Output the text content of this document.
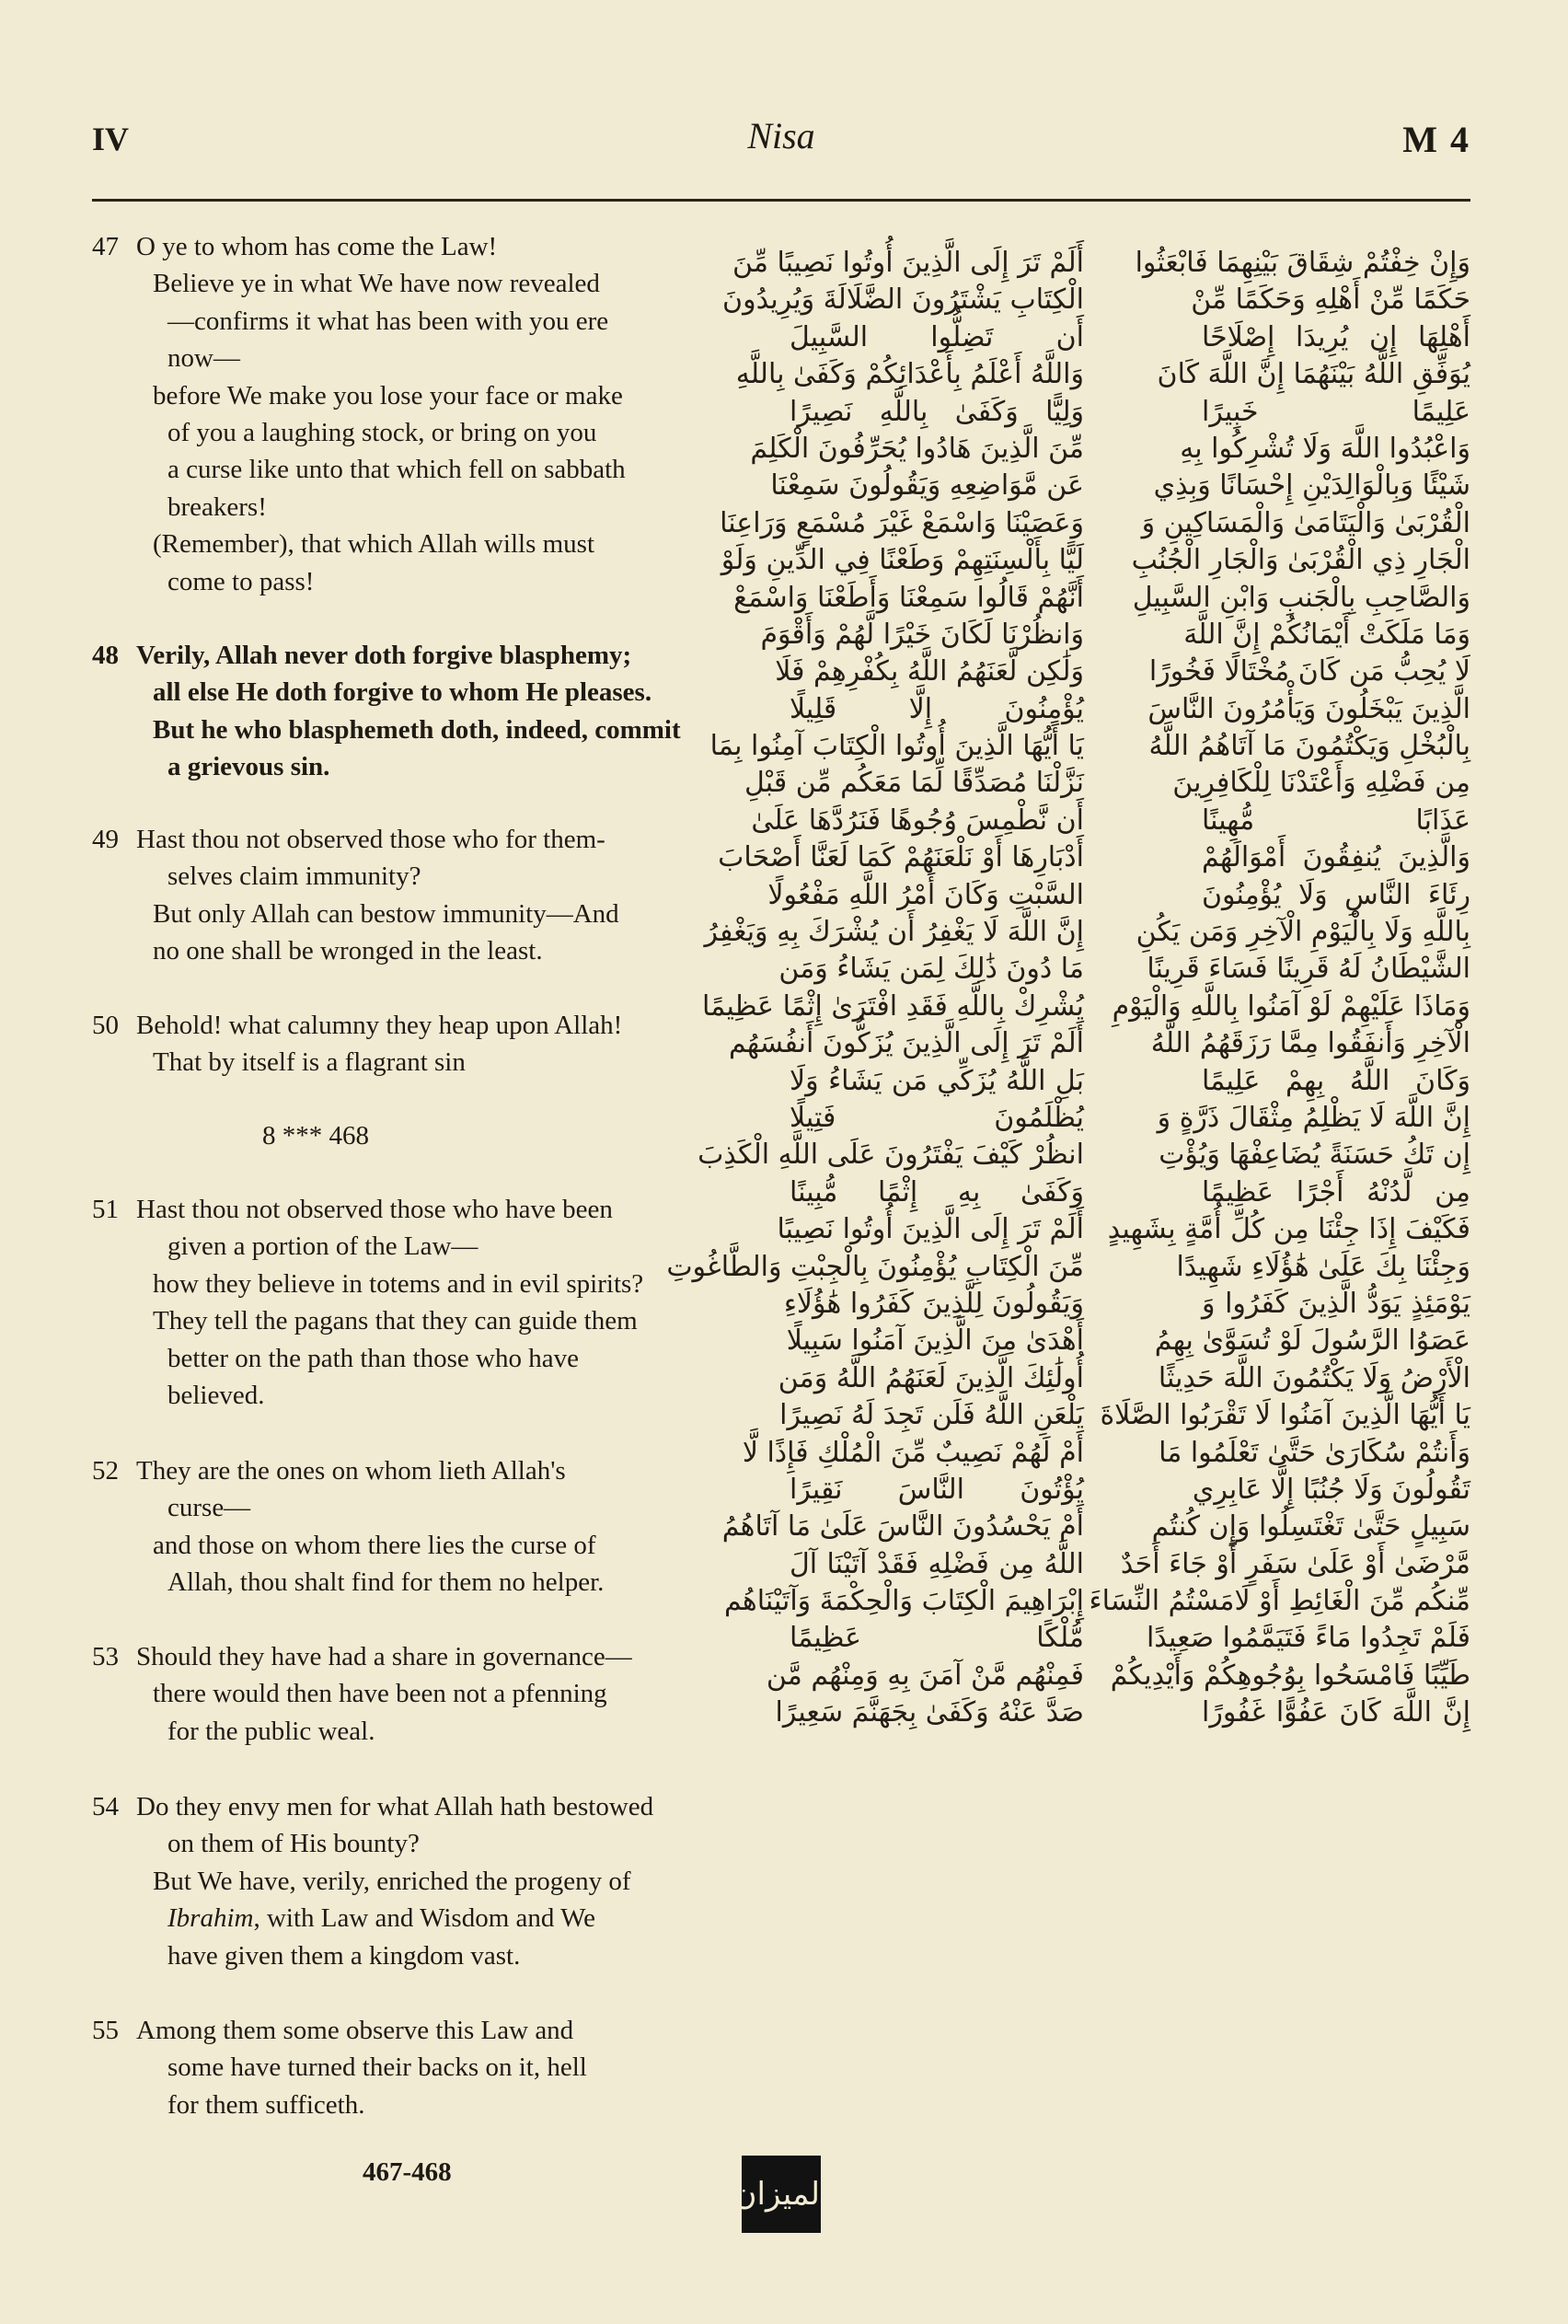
IV	Nisa	M 4
47 O ye to whom has come the Law!
Believe ye in what We have now revealed
—confirms it what has been with you ere
now—
before We make you lose your face or make
of you a laughing stock, or bring on you
a curse like unto that which fell on sabbath
breakers!
(Remember), that which Allah wills must
come to pass!
48 Verily, Allah never doth forgive blasphemy;
all else He doth forgive to whom He pleases.
But he who blasphemeth doth, indeed, commit
a grievous sin.
49 Hast thou not observed those who for them-
selves claim immunity?
But only Allah can bestow immunity—And
no one shall be wronged in the least.
50 Behold! what calumny they heap upon Allah!
That by itself is a flagrant sin
8 *** 468
51 Hast thou not observed those who have been
given a portion of the Law—
how they believe in totems and in evil spirits?
They tell the pagans that they can guide them
better on the path than those who have
believed.
52 They are the ones on whom lieth Allah's
curse—
and those on whom there lies the curse of
Allah, thou shalt find for them no helper.
53 Should they have had a share in governance—
there would then have been not a pfenning
for the public weal.
54 Do they envy men for what Allah hath bestowed
on them of His bounty?
But We have, verily, enriched the progeny of
Ibrahim, with Law and Wisdom and We
have given them a kingdom vast.
55 Among them some observe this Law and
some have turned their backs on it, hell
for them sufficeth.
أَلَمْ تَرَ إِلَى الَّذِينَ أُوتُوا نَصِيبًا مِّنَ
الْكِتَابِ يَشْتَرُونَ الضَّلَالَةَ وَيُرِيدُونَ
أَن تَضِلُّوا السَّبِيلَ
وَاللَّهُ أَعْلَمُ بِأَعْدَائِكُمْ وَكَفَىٰ بِاللَّهِ
وَلِيًّا وَكَفَىٰ بِاللَّهِ نَصِيرًا
مِّنَ الَّذِينَ هَادُوا يُحَرِّفُونَ الْكَلِمَ
عَن مَّوَاضِعِهِ وَيَقُولُونَ سَمِعْنَا
وَعَصَيْنَا وَاسْمَعْ غَيْرَ مُسْمَعٍ وَرَاعِنَا
لَيًّا بِأَلْسِنَتِهِمْ وَطَعْنًا فِي الدِّينِ وَلَوْ
أَنَّهُمْ قَالُوا سَمِعْنَا وَأَطَعْنَا وَاسْمَعْ
وَانظُرْنَا لَكَانَ خَيْرًا لَّهُمْ وَأَقْوَمَ
وَلَٰكِن لَّعَنَهُمُ اللَّهُ بِكُفْرِهِمْ فَلَا
يُؤْمِنُونَ إِلَّا قَلِيلًا
يَا أَيُّهَا الَّذِينَ أُوتُوا الْكِتَابَ آمِنُوا بِمَا
نَزَّلْنَا مُصَدِّقًا لِّمَا مَعَكُم مِّن قَبْلِ
أَن نَّطْمِسَ وُجُوهًا فَنَرُدَّهَا عَلَىٰ
أَدْبَارِهَا أَوْ نَلْعَنَهُمْ كَمَا لَعَنَّا أَصْحَابَ
السَّبْتِ وَكَانَ أَمْرُ اللَّهِ مَفْعُولًا
إِنَّ اللَّهَ لَا يَغْفِرُ أَن يُشْرَكَ بِهِ وَيَغْفِرُ
مَا دُونَ ذَٰلِكَ لِمَن يَشَاءُ وَمَن
يُشْرِكْ بِاللَّهِ فَقَدِ افْتَرَىٰ إِثْمًا عَظِيمًا
أَلَمْ تَرَ إِلَى الَّذِينَ يُزَكُّونَ أَنفُسَهُم
بَلِ اللَّهُ يُزَكِّي مَن يَشَاءُ وَلَا
يُظْلَمُونَ فَتِيلًا
انظُرْ كَيْفَ يَفْتَرُونَ عَلَى اللَّهِ الْكَذِبَ
وَكَفَىٰ بِهِ إِثْمًا مُّبِينًا
أَلَمْ تَرَ إِلَى الَّذِينَ أُوتُوا نَصِيبًا
مِّنَ الْكِتَابِ يُؤْمِنُونَ بِالْجِبْتِ وَالطَّاغُوتِ
وَيَقُولُونَ لِلَّذِينَ كَفَرُوا هَٰؤُلَاءِ
أَهْدَىٰ مِنَ الَّذِينَ آمَنُوا سَبِيلًا
أُولَٰئِكَ الَّذِينَ لَعَنَهُمُ اللَّهُ وَمَن
يَلْعَنِ اللَّهُ فَلَن تَجِدَ لَهُ نَصِيرًا
أَمْ لَهُمْ نَصِيبٌ مِّنَ الْمُلْكِ فَإِذًا لَّا
يُؤْتُونَ النَّاسَ نَقِيرًا
أَمْ يَحْسُدُونَ النَّاسَ عَلَىٰ مَا آتَاهُمُ
اللَّهُ مِن فَضْلِهِ فَقَدْ آتَيْنَا آلَ
إِبْرَاهِيمَ الْكِتَابَ وَالْحِكْمَةَ وَآتَيْنَاهُم
مُّلْكًا عَظِيمًا
فَمِنْهُم مَّنْ آمَنَ بِهِ وَمِنْهُم مَّن
صَدَّ عَنْهُ وَكَفَىٰ بِجَهَنَّمَ سَعِيرًا
وَإِنْ خِفْتُمْ شِقَاقَ بَيْنِهِمَا فَابْعَثُوا
حَكَمًا مِّنْ أَهْلِهِ وَحَكَمًا مِّنْ
أَهْلِهَا إِن يُرِيدَا إِصْلَاحًا
يُوَفِّقِ اللَّهُ بَيْنَهُمَا إِنَّ اللَّهَ كَانَ
عَلِيمًا خَبِيرًا
وَاعْبُدُوا اللَّهَ وَلَا تُشْرِكُوا بِهِ
شَيْئًا وَبِالْوَالِدَيْنِ إِحْسَانًا وَبِذِي
الْقُرْبَىٰ وَالْيَتَامَىٰ وَالْمَسَاكِينِ وَ
الْجَارِ ذِي الْقُرْبَىٰ وَالْجَارِ الْجُنُبِ
وَالصَّاحِبِ بِالْجَنبِ وَابْنِ السَّبِيلِ
وَمَا مَلَكَتْ أَيْمَانُكُمْ إِنَّ اللَّهَ
لَا يُحِبُّ مَن كَانَ مُخْتَالًا فَخُورًا
الَّذِينَ يَبْخَلُونَ وَيَأْمُرُونَ النَّاسَ
بِالْبُخْلِ وَيَكْتُمُونَ مَا آتَاهُمُ اللَّهُ
مِن فَضْلِهِ وَأَعْتَدْنَا لِلْكَافِرِينَ
عَذَابًا مُّهِينًا
وَالَّذِينَ يُنفِقُونَ أَمْوَالَهُمْ
رِئَاءَ النَّاسِ وَلَا يُؤْمِنُونَ
بِاللَّهِ وَلَا بِالْيَوْمِ الْآخِرِ وَمَن يَكُنِ
الشَّيْطَانُ لَهُ قَرِينًا فَسَاءَ قَرِينًا
وَمَاذَا عَلَيْهِمْ لَوْ آمَنُوا بِاللَّهِ وَالْيَوْمِ
الْآخِرِ وَأَنفَقُوا مِمَّا رَزَقَهُمُ اللَّهُ
وَكَانَ اللَّهُ بِهِمْ عَلِيمًا
إِنَّ اللَّهَ لَا يَظْلِمُ مِثْقَالَ ذَرَّةٍ وَ
إِن تَكُ حَسَنَةً يُضَاعِفْهَا وَيُؤْتِ
مِن لَّدُنْهُ أَجْرًا عَظِيمًا
فَكَيْفَ إِذَا جِئْنَا مِن كُلِّ أُمَّةٍ بِشَهِيدٍ
وَجِئْنَا بِكَ عَلَىٰ هَٰؤُلَاءِ شَهِيدًا
يَوْمَئِذٍ يَوَدُّ الَّذِينَ كَفَرُوا وَ
عَصَوُا الرَّسُولَ لَوْ تُسَوَّىٰ بِهِمُ
الْأَرْضُ وَلَا يَكْتُمُونَ اللَّهَ حَدِيثًا
يَا أَيُّهَا الَّذِينَ آمَنُوا لَا تَقْرَبُوا الصَّلَاةَ
وَأَنتُمْ سُكَارَىٰ حَتَّىٰ تَعْلَمُوا مَا
تَقُولُونَ وَلَا جُنُبًا إِلَّا عَابِرِي
سَبِيلٍ حَتَّىٰ تَغْتَسِلُوا وَإِن كُنتُم
مَّرْضَىٰ أَوْ عَلَىٰ سَفَرٍ أَوْ جَاءَ أَحَدٌ
مِّنكُم مِّنَ الْغَائِطِ أَوْ لَامَسْتُمُ النِّسَاءَ
فَلَمْ تَجِدُوا مَاءً فَتَيَمَّمُوا صَعِيدًا
طَيِّبًا فَامْسَحُوا بِوُجُوهِكُمْ وَأَيْدِيكُمْ
إِنَّ اللَّهَ كَانَ عَفُوًّا غَفُورًا
467-468
الميزان
